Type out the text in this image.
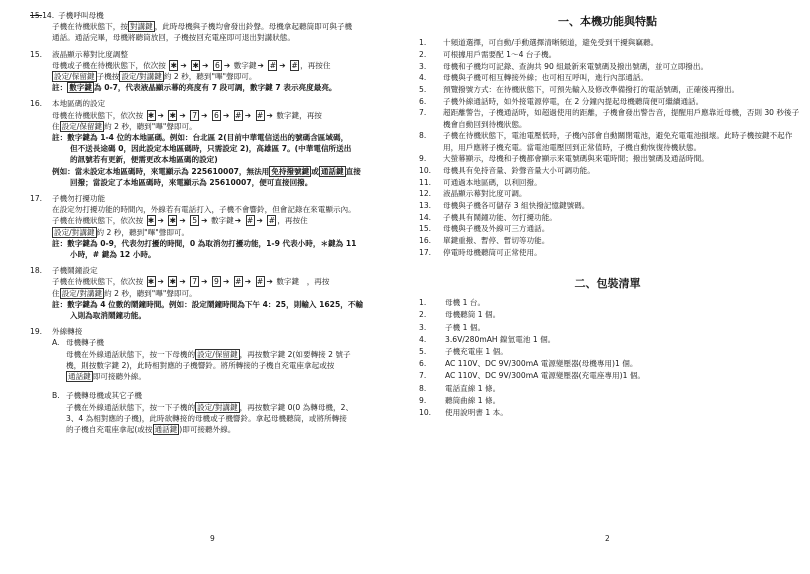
15.14. 子機呼叫母機
子機在待機狀態下，按 對講鍵 ，此時母機與子機均會發出鈴聲。母機拿起聽筒即可與子機
通話。通話完畢，母機將聽筒放回，子機按回充電座即可退出對講狀態。
15.	液晶顯示幕對比度調整
母機或子機在待機狀態下，依次按 ✱ ➔ ✱ ➔ 6 ➔ 數字鍵➔ # ➔ # ，再按住
設定/保留鍵 子機按 設定/對講鍵 約 2 秒，聽到"嗶"聲即可。
註： 數字鍵 為 0-7，代表液晶顯示幕的亮度有 7 段可調，數字鍵 7 表示亮度最亮。
16.	本地區碼的設定
母機在待機狀態下，依次按 ✱ ➔ ✱ ➔ 7 ➔ 6 ➔ # ➔ # ➔ 數字鍵，再按
住 設定/保留鍵 約 2 秒，聽到"嗶"聲即可。
註：數字鍵為 1-4 位的本地區碼。例如：台北區 2(目前中華電信送出的號碼含區域碼，
但不送長途碼 0，因此設定本地區碼時，只需設定 2)，高雄區 7。(中華電信所送出
的訊號若有更新，便需更改本地區碼的設定)
例如：當未設定本地區碼時，來電顯示為 225610007，無法用 免持撥號鍵 或 通話鍵 直接
回撥；當設定了本地區碼時，來電顯示為 25610007，便可直接回撥。
17.	子機勿打擾功能
在設定勿打擾功能的時間內，外線若有電話打入，子機不會響鈴，但會記錄在來電顯示內。
子機在待機狀態下，依次按 ✱ ➔ ✱ ➔ 5 ➔ 數字鍵➔ # ➔ # ，再按住
設定/對講鍵 約 2 秒，聽到"嗶"聲即可。
註：數字鍵為 0-9，代表勿打擾的時間，0 為取消勿打擾功能，1-9 代表小時，＊鍵為 11
小時，# 鍵為 12 小時。
18.	子機鬧鐘設定
子機在待機狀態下，依次按 ✱ ➔ ✱ ➔ 7 ➔ 9 ➔ # ➔ # ➔ 數字鍵　，再按
住 設定/對講鍵 約 2 秒，聽到"嗶"聲即可。
註：數字鍵為 4 位數的鬧鐘時間。例如：設定鬧鐘時間為下午 4：25，則輸入 1625，不輸
入則為取消鬧鐘功能。
19.	外線轉接
A. 母機轉子機
母機在外線通話狀態下，按一下母機的 設定/保留鍵 ，再按數字鍵 2(如要轉接 2 號子
機，則按數字鍵 2)，此時相對應的子機響鈴。將所轉接的子機自充電座拿起或按
通話鍵 即可接聽外線。
B. 子機轉母機或其它子機
子機在外線通話狀態下，按一下子機的 設定/對講鍵 ，再按數字鍵 0(0 為轉母機，2、
3、4 為相對應的子機)，此時欲轉接的母機或子機響鈴。拿起母機聽筒，或將所轉接
的子機自充電座拿起(或按 通話鍵 )即可接聽外線。
9
一、本機功能與特點
1.	十頻道選擇，可自動/手動選擇清晰頻道，避免受到干擾與竊聽。
2.	可根據用戶需要配 1～4 台子機。
3.	母機和子機均可記錄、查詢共 90 組最新來電號碼及撥出號碼，並可立即撥出。
4.	母機與子機可相互轉接外線；也可相互呼叫，進行內部通話。
5.	預覽撥號方式：在待機狀態下，可預先輸入及修改準備撥打的電話號碼，正確後再撥出。
6.	子機外線通話時，如外接電源停電，在 2 分鐘內提起母機聽筒便可繼續通話。
7.	超距離警告，子機通話時，如超過使用的距離，子機會發出警告音，提醒用戶應靠近母機，否則 30 秒後子機會自動回到待機狀態。
8.	子機在待機狀態下，電池電壓低時，子機內部會自動關閉電池，避免充電電池損壞。此時子機按鍵不起作用，用戶應將子機充電。當電池電壓回到正常值時，子機自動恢復待機狀態。
9.	大螢幕顯示，母機和子機都會顯示來電號碼與來電時間；撥出號碼及通話時間。
10.	母機具有免持音量、鈴聲音量大小可調功能。
11.	可通過本地區碼，以利回撥。
12.	液晶顯示幕對比度可調。
13.	母機與子機各可儲存 3 組快撥記憶鍵號碼。
14.	子機具有鬧鐘功能、勿打擾功能。
15.	母機與子機及外線可三方通話。
16.	單鍵重撥、暫停、暫切等功能。
17.	停電時母機聽筒可正常使用。
二、包裝清單
1.	母機 1 台。
2.	母機聽筒 1 個。
3.	子機 1 個。
4.	3.6V/280mAH 鎳氫電池 1 個。
5.	子機充電座 1 個。
6.	AC 110V、DC 9V/300mA 電源變壓器(母機專用)1 個。
7.	AC 110V、DC 9V/300mA 電源變壓器(充電座專用)1 個。
8.	電話直線 1 條。
9.	聽筒曲線 1 條。
10.	使用說明書 1 本。
2
